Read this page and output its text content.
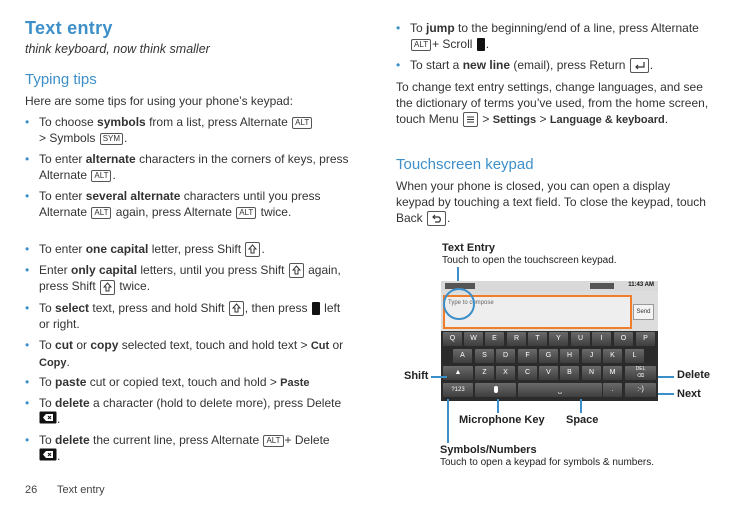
Text entry
think keyboard, now think smaller
Typing tips
Here are some tips for using your phone’s keypad:
• To choose symbols from a list, press Alternate ALT
> Symbols SYM .
• To enter alternate characters in the corners of keys, press Alternate ALT .
• To enter several alternate characters until you press Alternate ALT again, press Alternate ALT twice.
• To enter one capital letter, press Shift .
• Enter only capital letters, until you press Shift  again, press Shift  twice.
• To select text, press and hold Shift , then press  left or right.
• To cut or copy selected text, touch and hold text > Cut or Copy.
• To paste cut or copied text, touch and hold > Paste
• To delete a character (hold to delete more), press Delete .
• To delete the current line, press Alternate ALT + Delete .
26 Text entry
• To jump to the beginning/end of a line, press Alternate ALT + Scroll .
• To start a new line (email), press Return .
To change text entry settings, change languages, and see the dictionary of terms you’ve used, from the home screen, touch Menu  > Settings > Language & keyboard.
Touchscreen keypad
When your phone is closed, you can open a display keypad by touching a text field. To close the keypad, touch Back .
Text Entry
Touch to open the touchscreen keypad.
11:43 AM
Type to compose
Send
Q	W	E	R	T	Y	U	I	O	P
A	S	D	F	G	H	J	K	L
▲	Z	X	C	V	B	N	M	DEL
⌫
?123	⎵	.	:-)
Shift	Delete
Next
Microphone Key Space
Symbols/Numbers
Touch to open a keypad for symbols & numbers.
